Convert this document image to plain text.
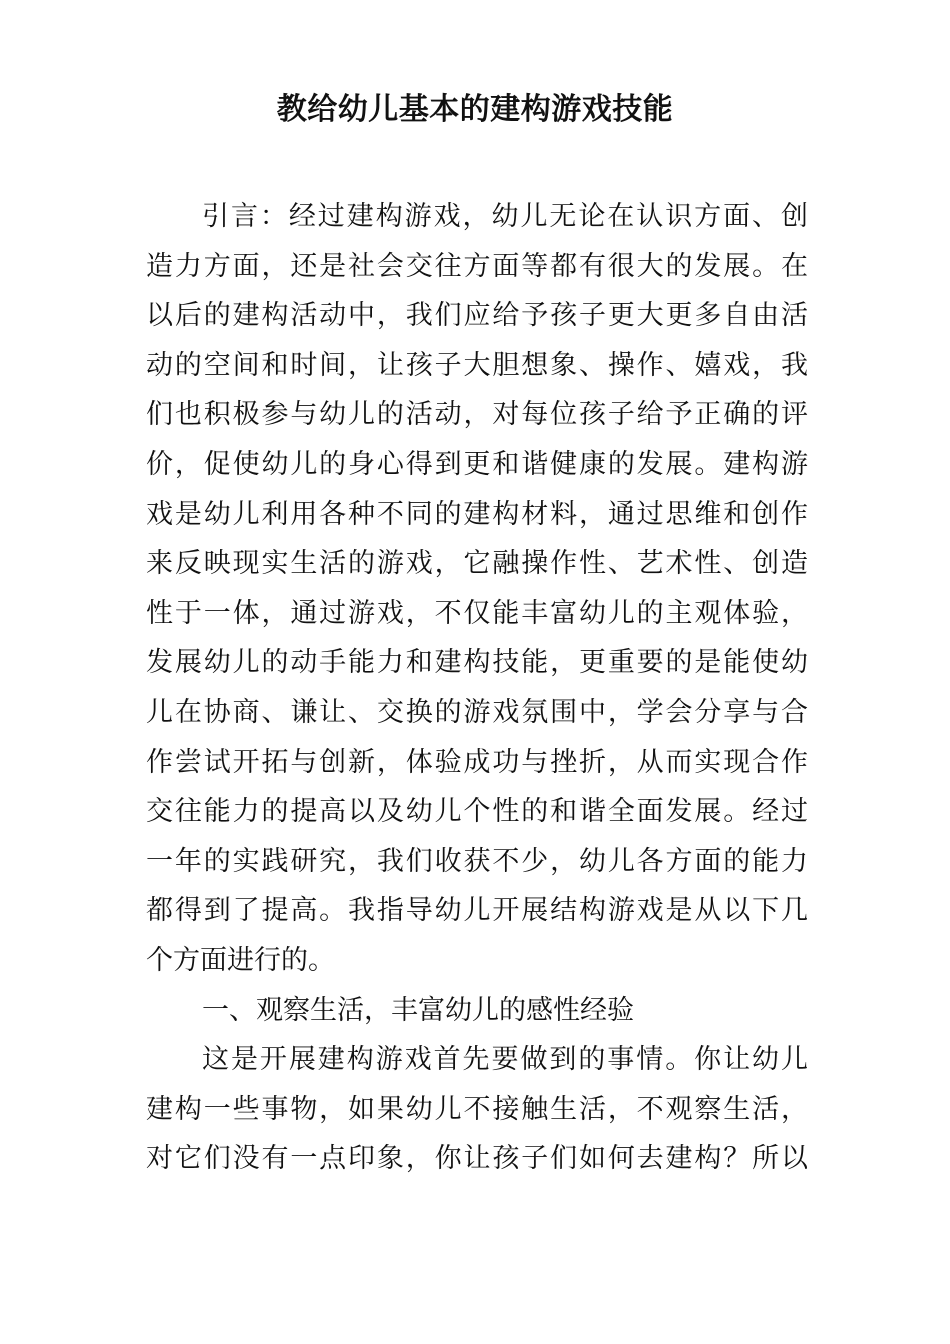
教给幼儿基本的建构游戏技能
引言：经过建构游戏，幼儿无论在认识方面、创
造力方面，还是社会交往方面等都有很大的发展。在
以后的建构活动中，我们应给予孩子更大更多自由活
动的空间和时间，让孩子大胆想象、操作、嬉戏，我
们也积极参与幼儿的活动，对每位孩子给予正确的评
价，促使幼儿的身心得到更和谐健康的发展。建构游
戏是幼儿利用各种不同的建构材料，通过思维和创作
来反映现实生活的游戏，它融操作性、艺术性、创造
性于一体，通过游戏，不仅能丰富幼儿的主观体验，
发展幼儿的动手能力和建构技能，更重要的是能使幼
儿在协商、谦让、交换的游戏氛围中，学会分享与合
作尝试开拓与创新，体验成功与挫折，从而实现合作
交往能力的提高以及幼儿个性的和谐全面发展。经过
一年的实践研究，我们收获不少，幼儿各方面的能力
都得到了提高。我指导幼儿开展结构游戏是从以下几
个方面进行的。
一、观察生活，丰富幼儿的感性经验
这是开展建构游戏首先要做到的事情。你让幼儿
建构一些事物，如果幼儿不接触生活，不观察生活，
对它们没有一点印象，你让孩子们如何去建构？所以
